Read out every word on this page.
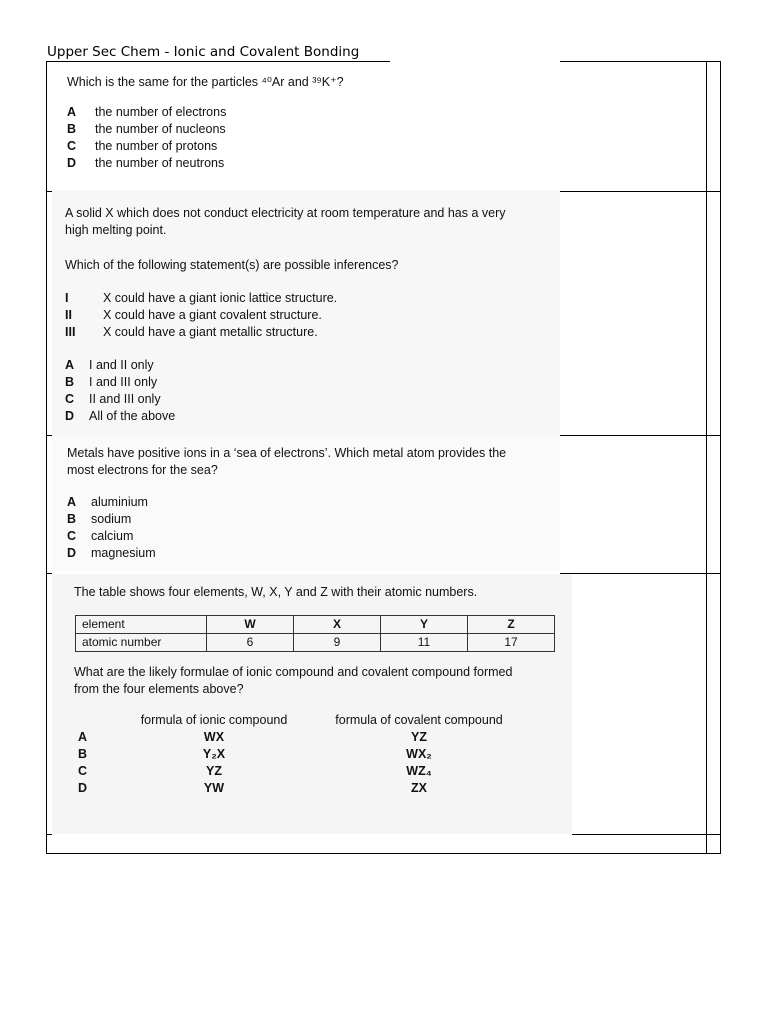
Upper Sec Chem - Ionic and Covalent Bonding

Which is the same for the particles ⁴⁰Ar and ³⁹K⁺?

A	the number of electrons
B	the number of nucleons
C	the number of protons
D	the number of neutrons

A solid X which does not conduct electricity at room temperature and has a very

high melting point.

Which of the following statement(s) are possible inferences?

I	X could have a giant ionic lattice structure.
II	X could have a giant covalent structure.
III	X could have a giant metallic structure.
A	I and II only
B	I and III only
C	II and III only
D	All of the above

Metals have positive ions in a ‘sea of electrons’. Which metal atom provides the

most electrons for the sea?

A	aluminium
B	sodium
C	calcium
D	magnesium

The table shows four elements, W, X, Y and Z with their atomic numbers.

element	W	X	Y	Z
atomic number	6	9	11	17

What are the likely formulae of ionic compound and covalent compound formed

from the four elements above?

formula of ionic compound	formula of covalent compound
A	WX	YZ
B	Y₂X	WX₂
C	YZ	WZ₄
D	YW	ZX
